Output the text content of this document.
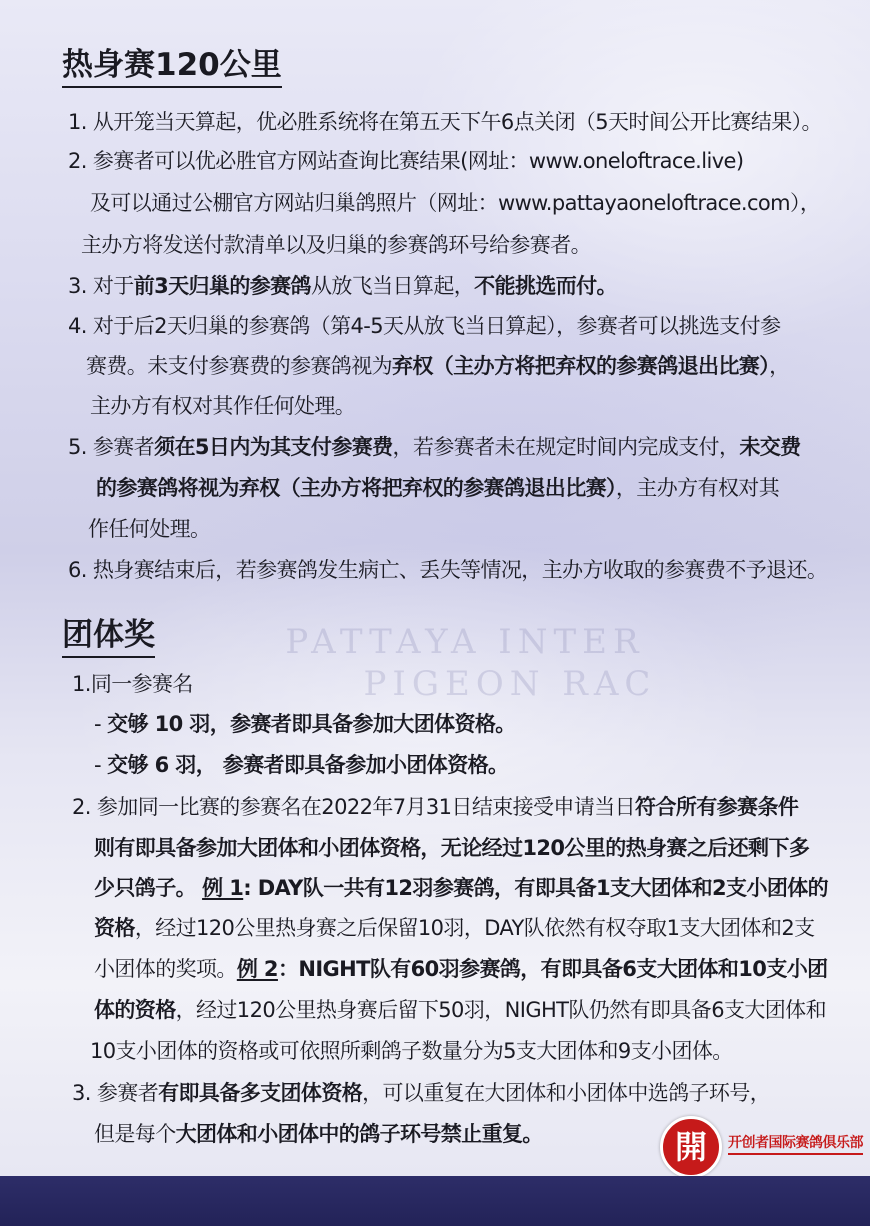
PATTAYA INTER
PIGEON RAC
热身赛120公里
1. 从开笼当天算起，优必胜系统将在第五天下午6点关闭（5天时间公开比赛结果）。
2. 参赛者可以优必胜官方网站查询比赛结果(网址：www.oneloftrace.live)
及可以通过公棚官方网站归巢鸽照片（网址：www.pattayaoneloftrace.com），
主办方将发送付款清单以及归巢的参赛鸽环号给参赛者。
3. 对于前3天归巢的参赛鸽从放飞当日算起，不能挑选而付。
4. 对于后2天归巢的参赛鸽（第4-5天从放飞当日算起），参赛者可以挑选支付参
赛费。未支付参赛费的参赛鸽视为弃权（主办方将把弃权的参赛鸽退出比赛），
主办方有权对其作任何处理。
5. 参赛者须在5日内为其支付参赛费，若参赛者未在规定时间内完成支付，未交费
的参赛鸽将视为弃权（主办方将把弃权的参赛鸽退出比赛），主办方有权对其
作任何处理。
6. 热身赛结束后，若参赛鸽发生病亡、丢失等情况，主办方收取的参赛费不予退还。
团体奖
1.同一参赛名
- 交够 10 羽，参赛者即具备参加大团体资格。
- 交够 6 羽， 参赛者即具备参加小团体资格。
2. 参加同一比赛的参赛名在2022年7月31日结束接受申请当日符合所有参赛条件
则有即具备参加大团体和小团体资格，无论经过120公里的热身赛之后还剩下多
少只鸽子。 例 1: DAY队一共有12羽参赛鸽，有即具备1支大团体和2支小团体的
资格，经过120公里热身赛之后保留10羽，DAY队依然有权夺取1支大团体和2支
小团体的奖项。例 2：NIGHT队有60羽参赛鸽，有即具备6支大团体和10支小团
体的资格，经过120公里热身赛后留下50羽，NIGHT队仍然有即具备6支大团体和
10支小团体的资格或可依照所剩鸽子数量分为5支大团体和9支小团体。
3. 参赛者有即具备多支团体资格，可以重复在大团体和小团体中选鸽子环号，
但是每个大团体和小团体中的鸽子环号禁止重复。	開	开创者国际赛鸽俱乐部
